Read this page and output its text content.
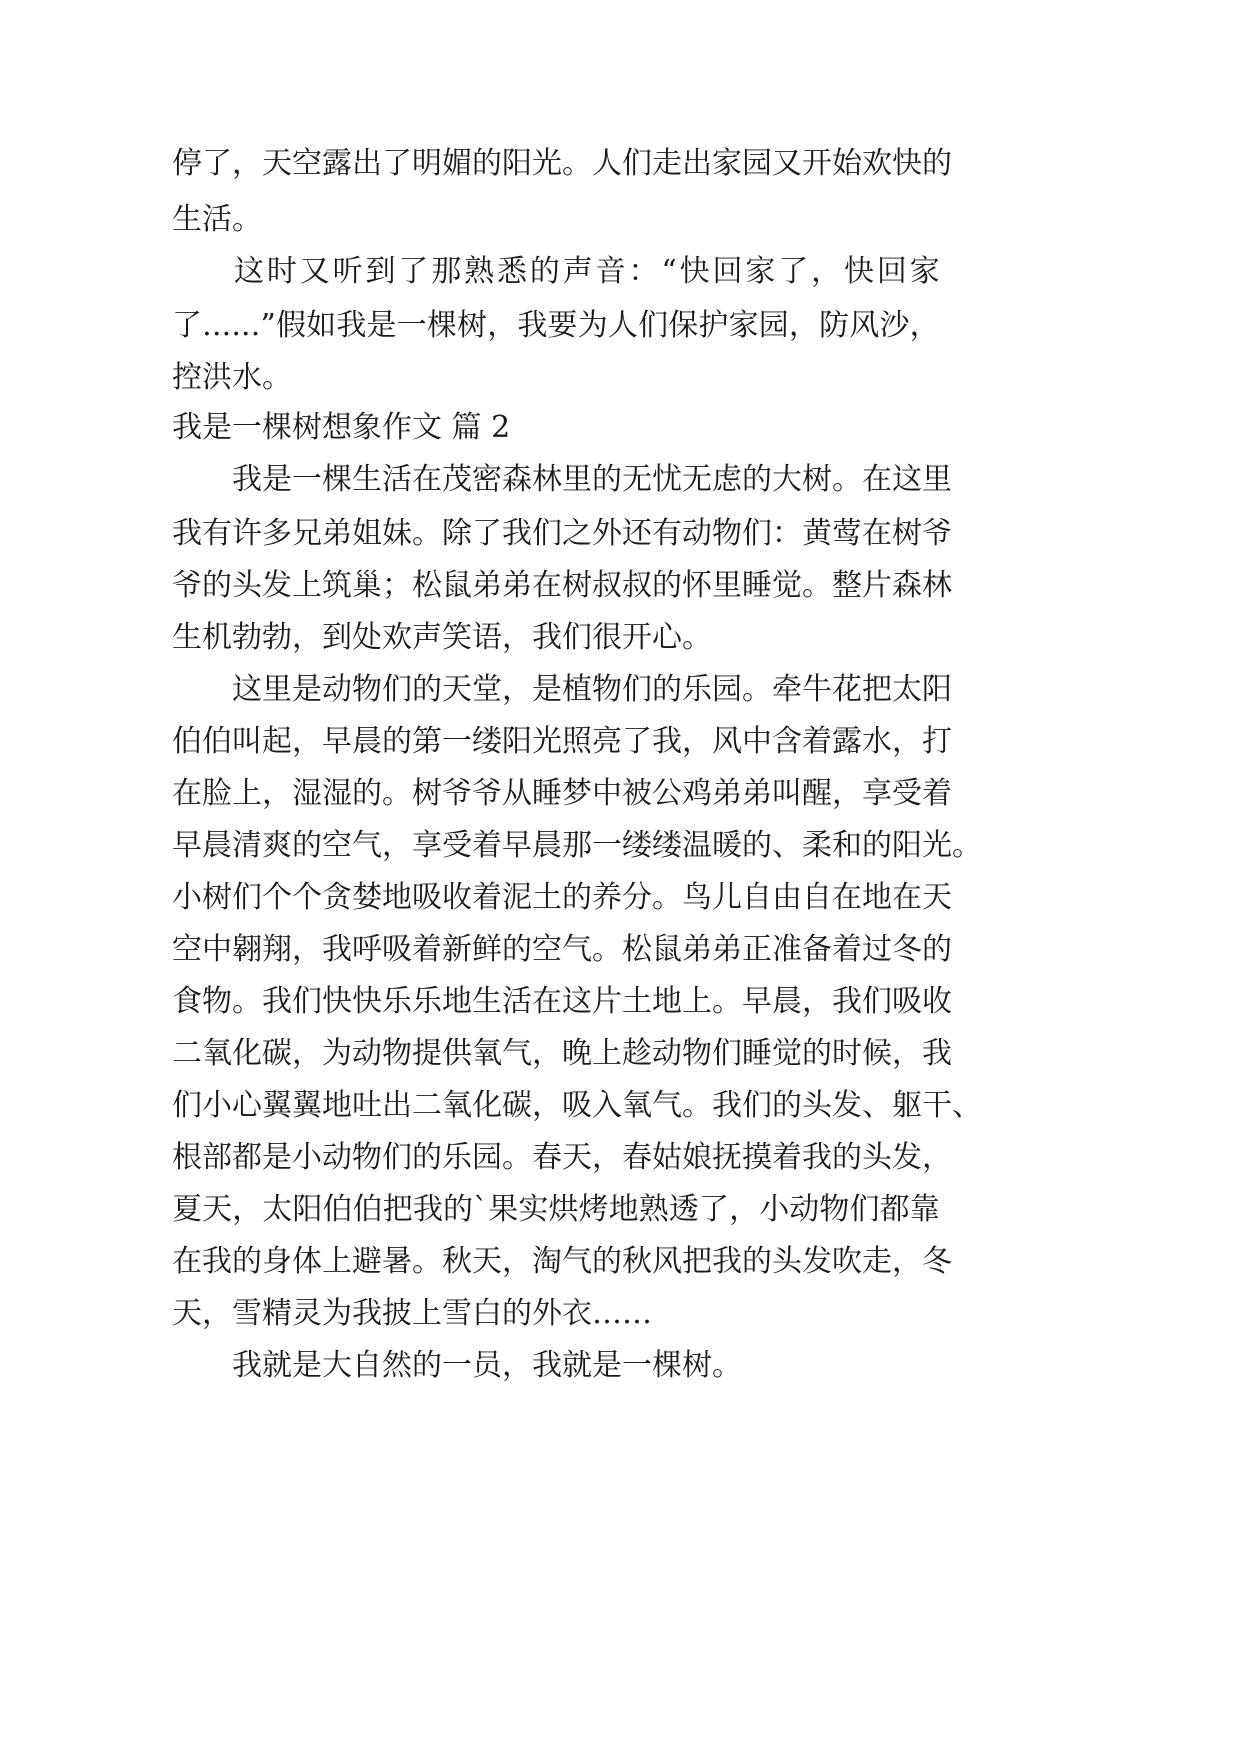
停 了 ， 天 空 露 出 了 明 媚 的 阳 光 。 人 们 走 出 家 园 又 开 始 欢 快 的

生活。

这 时 又 听 到 了 那 熟 悉 的 声 音 ： “ 快 回 家 了 ， 快 回 家

了 . . . . . . ” 假 如 我 是 一 棵 树 ， 我 要 为 人 们 保 护 家 园 ， 防 风 沙 ，

控洪水。

我是一棵树想象作文 篇 2

我 是 一 棵 生 活 在 茂 密 森 林 里 的 无 忧 无 虑 的 大 树 。 在 这 里

我 有 许 多 兄 弟 姐 妹 。 除 了 我 们 之 外 还 有 动 物 们 ： 黄 莺 在 树 爷

爷 的 头 发 上 筑 巢 ； 松 鼠 弟 弟 在 树 叔 叔 的 怀 里 睡 觉 。 整 片 森 林

生机勃勃，到处欢声笑语，我们很开心。

这 里 是 动 物 们 的 天 堂 ， 是 植 物 们 的 乐 园 。 牵 牛 花 把 太 阳

伯 伯 叫 起 ， 早 晨 的 第 一 缕 阳 光 照 亮 了 我 ， 风 中 含 着 露 水 ， 打

在 脸 上 ， 湿 湿 的 。 树 爷 爷 从 睡 梦 中 被 公 鸡 弟 弟 叫 醒 ， 享 受 着

早 晨 清 爽 的 空 气 ， 享 受 着 早 晨 那 一 缕 缕 温 暖 的 、 柔 和 的 阳 光 。

小 树 们 个 个 贪 婪 地 吸 收 着 泥 土 的 养 分 。 鸟 儿 自 由 自 在 地 在 天

空 中 翱 翔 ， 我 呼 吸 着 新 鲜 的 空 气 。 松 鼠 弟 弟 正 准 备 着 过 冬 的

食 物 。 我 们 快 快 乐 乐 地 生 活 在 这 片 土 地 上 。 早 晨 ， 我 们 吸 收

二 氧 化 碳 ， 为 动 物 提 供 氧 气 ， 晚 上 趁 动 物 们 睡 觉 的 时 候 ， 我

们 小 心 翼 翼 地 吐 出 二 氧 化 碳 ， 吸 入 氧 气 。 我 们 的 头 发 、 躯 干 、

根 部 都 是 小 动 物 们 的 乐 园 。 春 天 ， 春 姑 娘 抚 摸 着 我 的 头 发 ，

夏 天 ， 太 阳 伯 伯 把 我 的 ` 果 实 烘 烤 地 熟 透 了 ， 小 动 物 们 都 靠

在 我 的 身 体 上 避 暑 。 秋 天 ， 淘 气 的 秋 风 把 我 的 头 发 吹 走 ， 冬

天，雪精灵为我披上雪白的外衣……

我就是大自然的一员，我就是一棵树。
